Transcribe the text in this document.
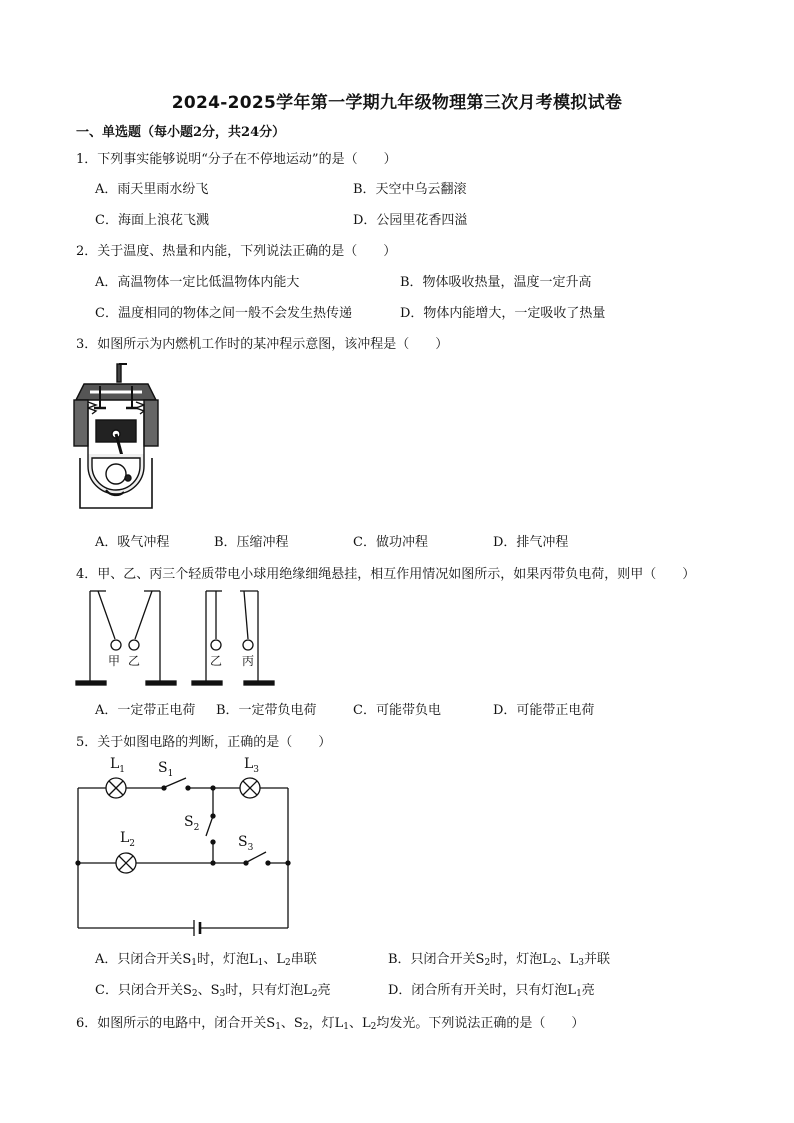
2024-2025学年第一学期九年级物理第三次月考模拟试卷
一、单选题（每小题2分，共24分）
1．下列事实能够说明“分子在不停地运动”的是（　　）
A．雨天里雨水纷飞	B．天空中乌云翻滚
C．海面上浪花飞溅	D．公园里花香四溢
2．关于温度、热量和内能，下列说法正确的是（　　）
A．高温物体一定比低温物体内能大	B．物体吸收热量，温度一定升高
C．温度相同的物体之间一般不会发生热传递	D．物体内能增大，一定吸收了热量
3．如图所示为内燃机工作时的某冲程示意图，该冲程是（　　）
A．吸气冲程	B．压缩冲程	C．做功冲程	D．排气冲程
4．甲、乙、丙三个轻质带电小球用绝缘细绳悬挂，相互作用情况如图所示，如果丙带负电荷，则甲（　　）
甲 乙	乙 丙
A．一定带正电荷 B．一定带负电荷	C．可能带负电	D．可能带正电荷
5．关于如图电路的判断，正确的是（　　）
$L_1$ $S_1$
$L_3$
$S_2$
$L_2$	$S_3$
A．只闭合开关$S_1$时，灯泡$L_1$、$L_2$串联	B．只闭合开关$S_2$时，灯泡$L_2$、$L_3$并联
C．只闭合开关$S_2$、$S_3$时，只有灯泡$L_2$亮	D．闭合所有开关时，只有灯泡$L_1$亮
6．如图所示的电路中，闭合开关$S_1$、$S_2$，灯$L_1$、$L_2$均发光。下列说法正确的是（　　）
